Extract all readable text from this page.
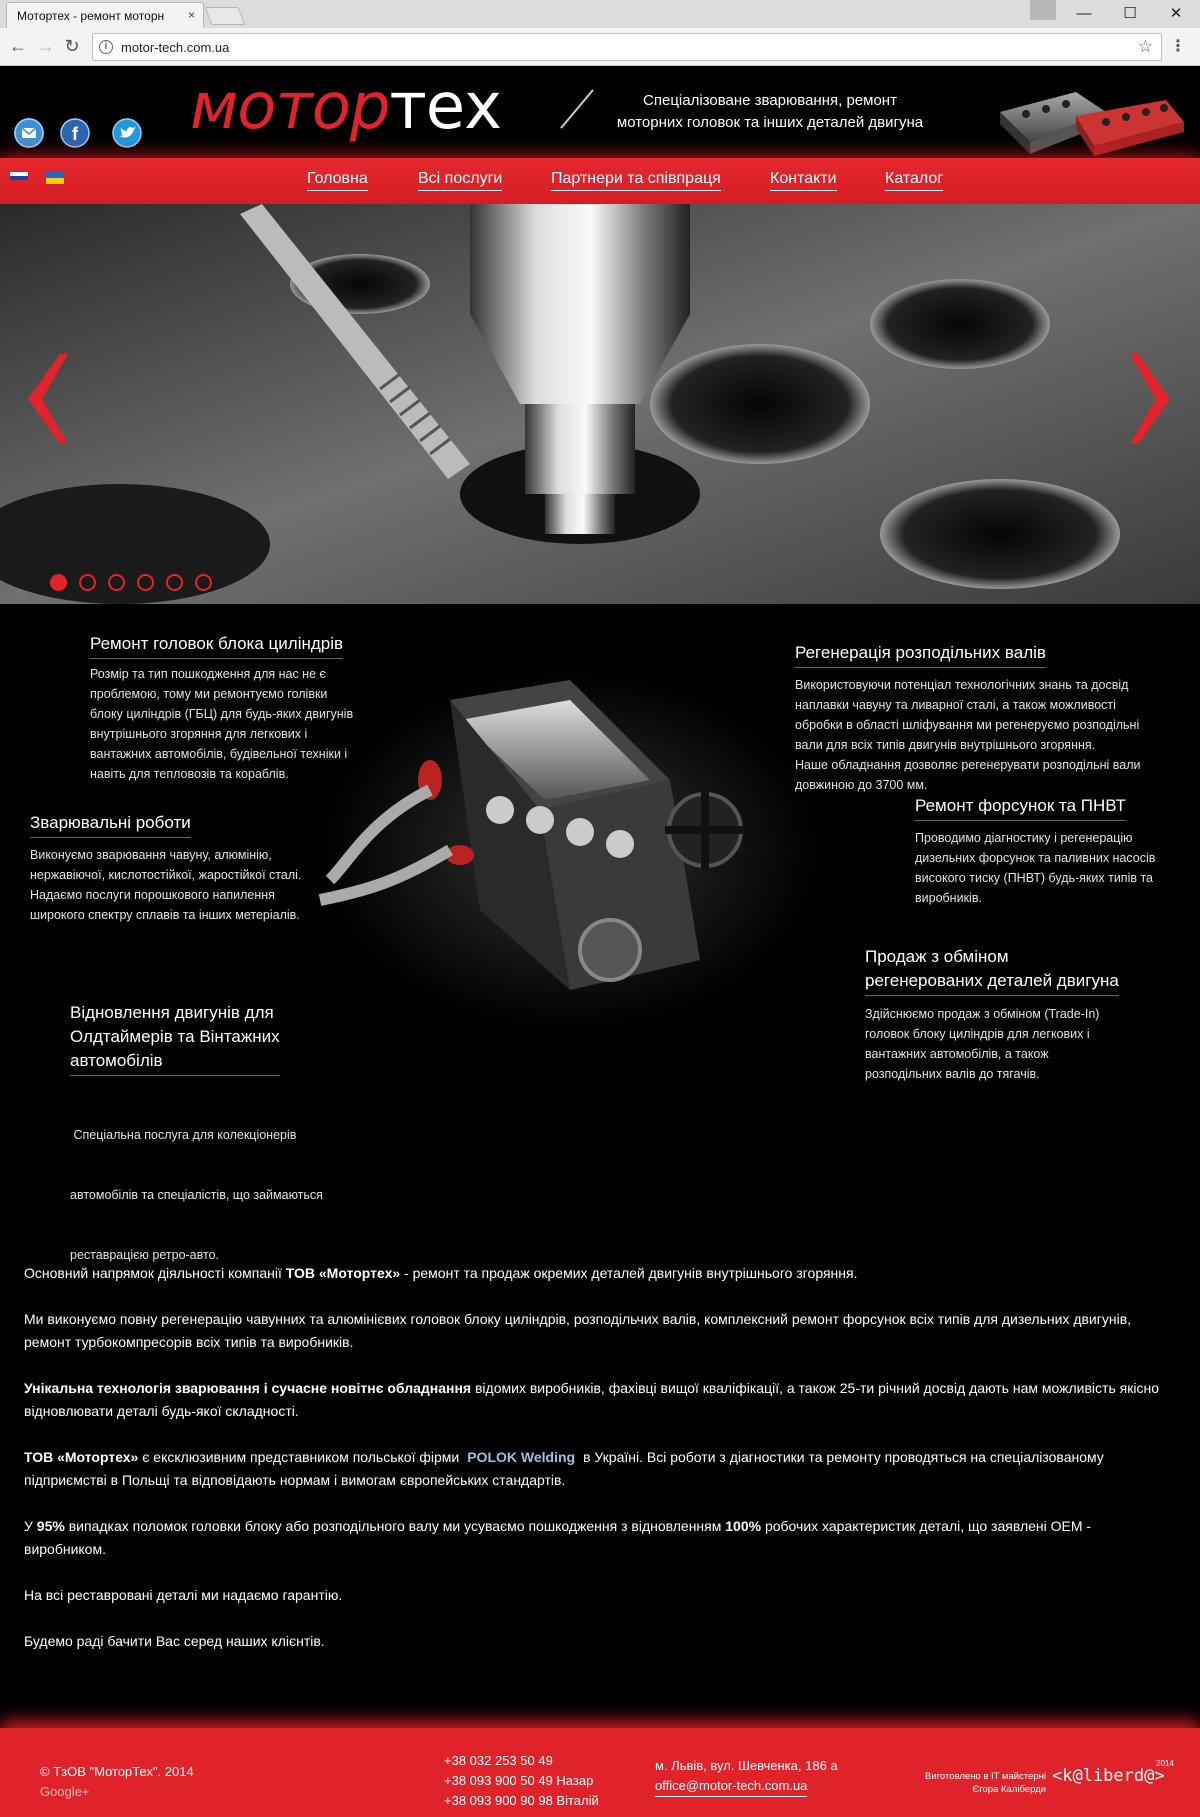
Мотортех - ремонт моторн ×	—	☐	✕
← → ↻	i	motor-tech.com.ua	☆ ⋮
f мотортех	Спеціалізоване зварювання, ремонт
моторних головок та інших деталей двигуна
Головна	Всі послуги	Партнери та співпраця	Контакти	Каталог
Ремонт головок блока циліндрів
Розмір та тип пошкодження для нас не є
проблемою, тому ми ремонтуємо голівки
блоку циліндрів (ГБЦ) для будь-яких двигунів
внутрішнього згоряння для легкових і
вантажних автомобілів, будівельної техніки і
навіть для тепловозів та кораблів.
Регенерація розподільних валів
Використовуючи потенціал технологічних знань та досвід
наплавки чавуну та ливарної сталі, а також можливості
обробки в області шліфування ми регенеруємо розподільні
вали для всіх типів двигунів внутрішнього згоряння.
Наше обладнання дозволяє регенерувати розподільні вали
довжиною до 3700 мм.
Зварювальні роботи
Виконуємо зварювання чавуну, алюмінію,
нержавіючої, кислотостійкої, жаростійкої сталі.
Надаємо послуги порошкового напилення
широкого спектру сплавів та інших метеріалів.
Ремонт форсунок та ПНВТ
Проводимо діагностику і регенерацію
дизельних форсунок та паливних насосів
високого тиску (ПНВТ) будь-яких типів та
виробників.
Продаж з обміном
регенерованих деталей двигуна
Здійснюємо продаж з обміном (Trade-In)
головок блоку циліндрів для легкових і
вантажних автомобілів, а також
розподільних валів до тягачів.
Відновлення двигунів для
Олдтаймерів та Вінтажних
автомобілів

Спеціальна послуга для колекціонерів

автомобілів та спеціалістів, що займаються

реставрацією ретро-авто.

Основний напрямок діяльності компанії ТОВ «Мотортех» - ремонт та продаж окремих деталей двигунів внутрішнього згоряння.

Ми виконуємо повну регенерацію чавунних та алюмінієвих головок блоку циліндрів, розподільчих валів, комплексний ремонт форсунок всіх типів для дизельних двигунів, ремонт турбокомпресорів всіх типів та виробників.

Унікальна технологія зварювання і сучасне новітнє обладнання відомих виробників, фахівці вищої кваліфікації, а також 25-ти річний досвід дають нам можливість якісно відновлювати деталі будь-якої складності.

ТОВ «Мотортех» є ексклюзивним представником польської фірми POLOK Welding в Україні. Всі роботи з діагностики та ремонту проводяться на спеціалізованому підприємстві в Польщі та відповідають нормам і вимогам європейських стандартів.

У 95% випадках поломок головки блоку або розподільного валу ми усуваємо пошкодження з відновленням 100% робочих характеристик деталі, що заявлені OEM - виробником.

На всі реставровані деталі ми надаємо гарантію.

Будемо раді бачити Вас серед наших клієнтів.

© ТзОВ "МоторТех". 2014
Google+
+38 032 253 50 49
+38 093 900 50 49 Назар
+38 093 900 90 98 Віталій
м. Львів, вул. Шевченка, 186 а
office@motor-tech.com.ua
Виготовлено в IT майстерні
Єгора Калiберди
<k@liberd@>
2014
